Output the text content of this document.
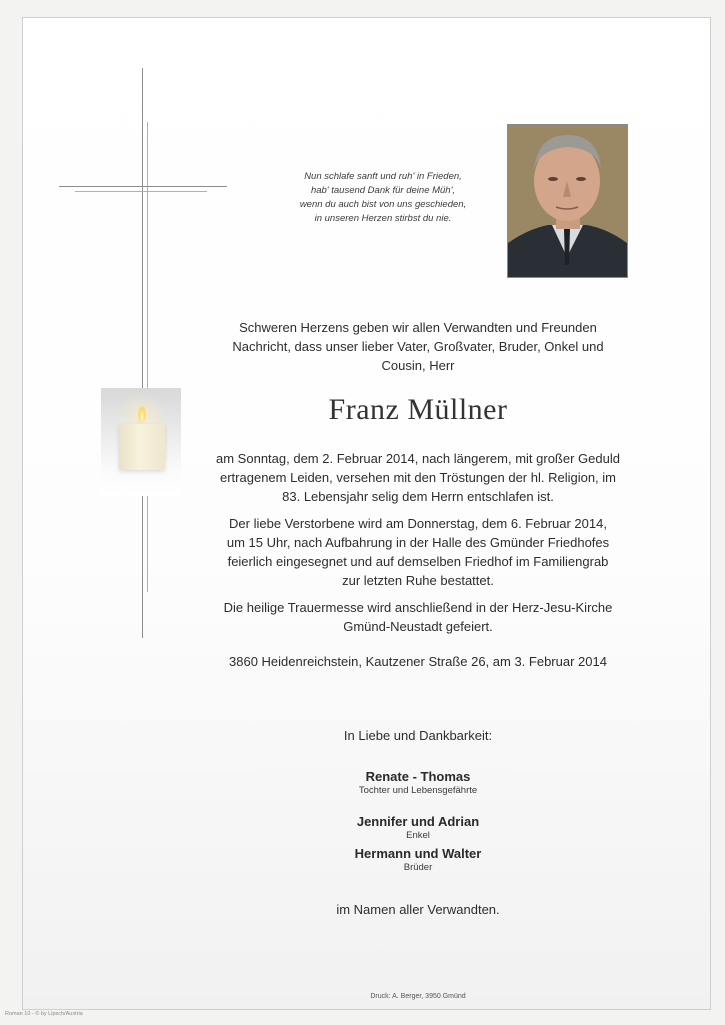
Nun schlafe sanft und ruh' in Frieden,
hab' tausend Dank für deine Müh',
wenn du auch bist von uns geschieden,
in unseren Herzen stirbst du nie.
Schweren Herzens geben wir allen Verwandten und Freunden
Nachricht, dass unser lieber Vater, Großvater, Bruder, Onkel und
Cousin, Herr
Franz Müllner
am Sonntag, dem 2. Februar 2014, nach längerem, mit großer Geduld
ertragenem Leiden, versehen mit den Tröstungen der hl. Religion, im
83. Lebensjahr selig dem Herrn entschlafen ist.
Der liebe Verstorbene wird am Donnerstag, dem 6. Februar 2014,
um 15 Uhr, nach Aufbahrung in der Halle des Gmünder Friedhofes
feierlich eingesegnet und auf demselben Friedhof im Familiengrab
zur letzten Ruhe bestattet.
Die heilige Trauermesse wird anschließend in der Herz-Jesu-Kirche
Gmünd-Neustadt gefeiert.
3860 Heidenreichstein, Kautzener Straße 26, am 3. Februar 2014
In Liebe und Dankbarkeit:
Renate - Thomas
Tochter und Lebensgefährte
Jennifer und Adrian
Enkel
Hermann und Walter
Brüder
im Namen aller Verwandten.
Druck: A. Berger, 3950 Gmünd
Roman 10 - © by Lipsch/Austria
